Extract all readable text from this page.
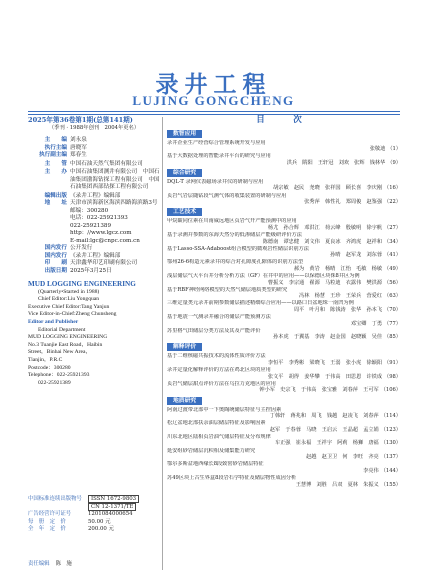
录井工程
LUJING GONGCHENG
2025年第36卷第1期(总第141期)
（季刊 · 1988年创刊　2004年更名）
主　　编 刘永泉
执行主编 唐晓军
执行副主编 郑春生
主　　管 中国石油天然气集团有限公司
主　　办 中国石油集团测井有限公司　中国石油集团渤海钻探工程有限公司　中国石油集团西部钻探工程有限公司
编辑出版 《录井工程》编辑部
地　　址 天津市滨海新区海滨四路海滨路3号
邮编：300280
电话：022-25921393
022-25921389
http：//www.lgcz.com
E-mail:lgc@cnpc.com.cn
国内发行 公开发行
国内发行 《录井工程》编辑部
印　　刷 天津鑫华印艺印刷有限公司
出版日期 2025年3月25日
MUD LOGGING ENGINEERING
(Quarterly•Started in 1988)
Chief Editor:Liu Yongquan
Executive Chief Editor:Tang Yanjun
Vice Editor-in-Chief:Zheng Chunsheng
Editor and Publisher
Editorial Department
MUD LOGGING ENGINEERING
No.3 Tuanjie East Road，Haibin
Street，Binhai New Area，
Tianjin，P.R.C
Postcode：300280
Telephone：022-25921393
022-25921389
中国标准连续出版物号	ISSN 1672-9803
CN 12-1371/TE
广告经营许可证号	1201084000654
每　册　定　价	50.00 元
全　年　定　价	200.00 元
责任编辑 陈　施
目　次
数智应用
录井企业生产经营综合管理系统开发与应用
张敬迪 （1）
基于大数据处理的智能录井平台的研究与应用
洪兵　隋阳　王轩冠　刘欢　张辉　钱林华 （9）
综合研究
DQL-T 录网仪表磁场录井仪的研制与应用
胡宗敏　赵民　尧晓　张祥国　顾长喜　李庆刚 （16）
页岩气岩层随钻段气测气体的收集装置的研制与应用
张秀萍　韩性礼　郑周俊　赵鉴强 （22）
工艺技术
甲烷碳同位素在川南威远地区页岩气开产能预测中的应用
杨尤　孙合辉　邓洪江　荷云峰　殷敏明　徐宇帆 （27）
基于录测并参数的东海天然分的低渗储层产能级研评价方法
陈德南　谭忠健　刘文伟　夏良冰　齐鸿虎　赵祥和 （34）
基于Lasso-SSA-Adaboost组合模型的微观岩性储层识别方法
孙晴　赵军龙　刘东蓉 （41）
鄂州26-6构造元素录井的综合对孔隙度孔隙体的识别方法型
郝为　黄岩　杨晴　江怡　毛敏　杨敏 （49）
浅层储层气大平台井分析分析方法（GF）在井中的应用——以保德区块侏8井区为例
曹振义　李宗通　翟源　马粒迪　衣露伟　樊洪源 （56）
基于RBF神经网络模型的天然气储层地质类型的研究
冯林　杨慧　王珍　王荣兵　营爱红 （63）
三维定量类元录井前期参数储层描述精细综合应用——以路口日盆地珠一南凹为例
周平　叶月和　陈钱涛　张华　孙本飞 （70）
基于地震一气测录井融合的储层产能预测方法
邓宝卿　丁勇 （77）
苏里格气田储层分类方法及其及产能评价
孙本虎　于翼基　李涛　赵金国　赵晓颖　吴佳 （85）
解释评价
基于二维核磁共振技术的流体性质评价方法
李恒平　李秀彬　梁晓飞　王弱　张小虎　徐颖阳 （91）
录井定量化解释评价的方法在鸡北区块的应用
张文平　胡得　姜华攀　于伟高　田思恩　许铁成 （98）
页岩气储层甜点评价方法在乌拉力克地区的应用
钟小军　史宗飞　于伟高　张宝雅　刘春萍　王可军 （106）
地质研究
阿南过渡带北部中一下奥陶统储层特征与主控因素
丁韩轩　蒋兆和　周飞　钱越　赵凌飞　刘春萍 （114）
松辽盆地北部扶余油层储层特征及影响因素
赵军　于春蓉　马晓　王启云　王晶超　孟立娟 （123）
川东北地区陆相页岩油气储层特征及分布规律
车正强　崔永福　王祥宇　阿莉　杨狮　唐福 （130）
延安组砂岩储层沉积相及储集能力研究
赵越　赵卫卫　何　李旺　齐亮 （137）
鄂尔多斯盆地西缘长8段致密砂岩储层特征
李亮伟 （144）
苏49区块上古生界盒8段岩石学特征及储层物性成因分析
王慧博　刘胜　吕双　夏林　朱振义 （155）
